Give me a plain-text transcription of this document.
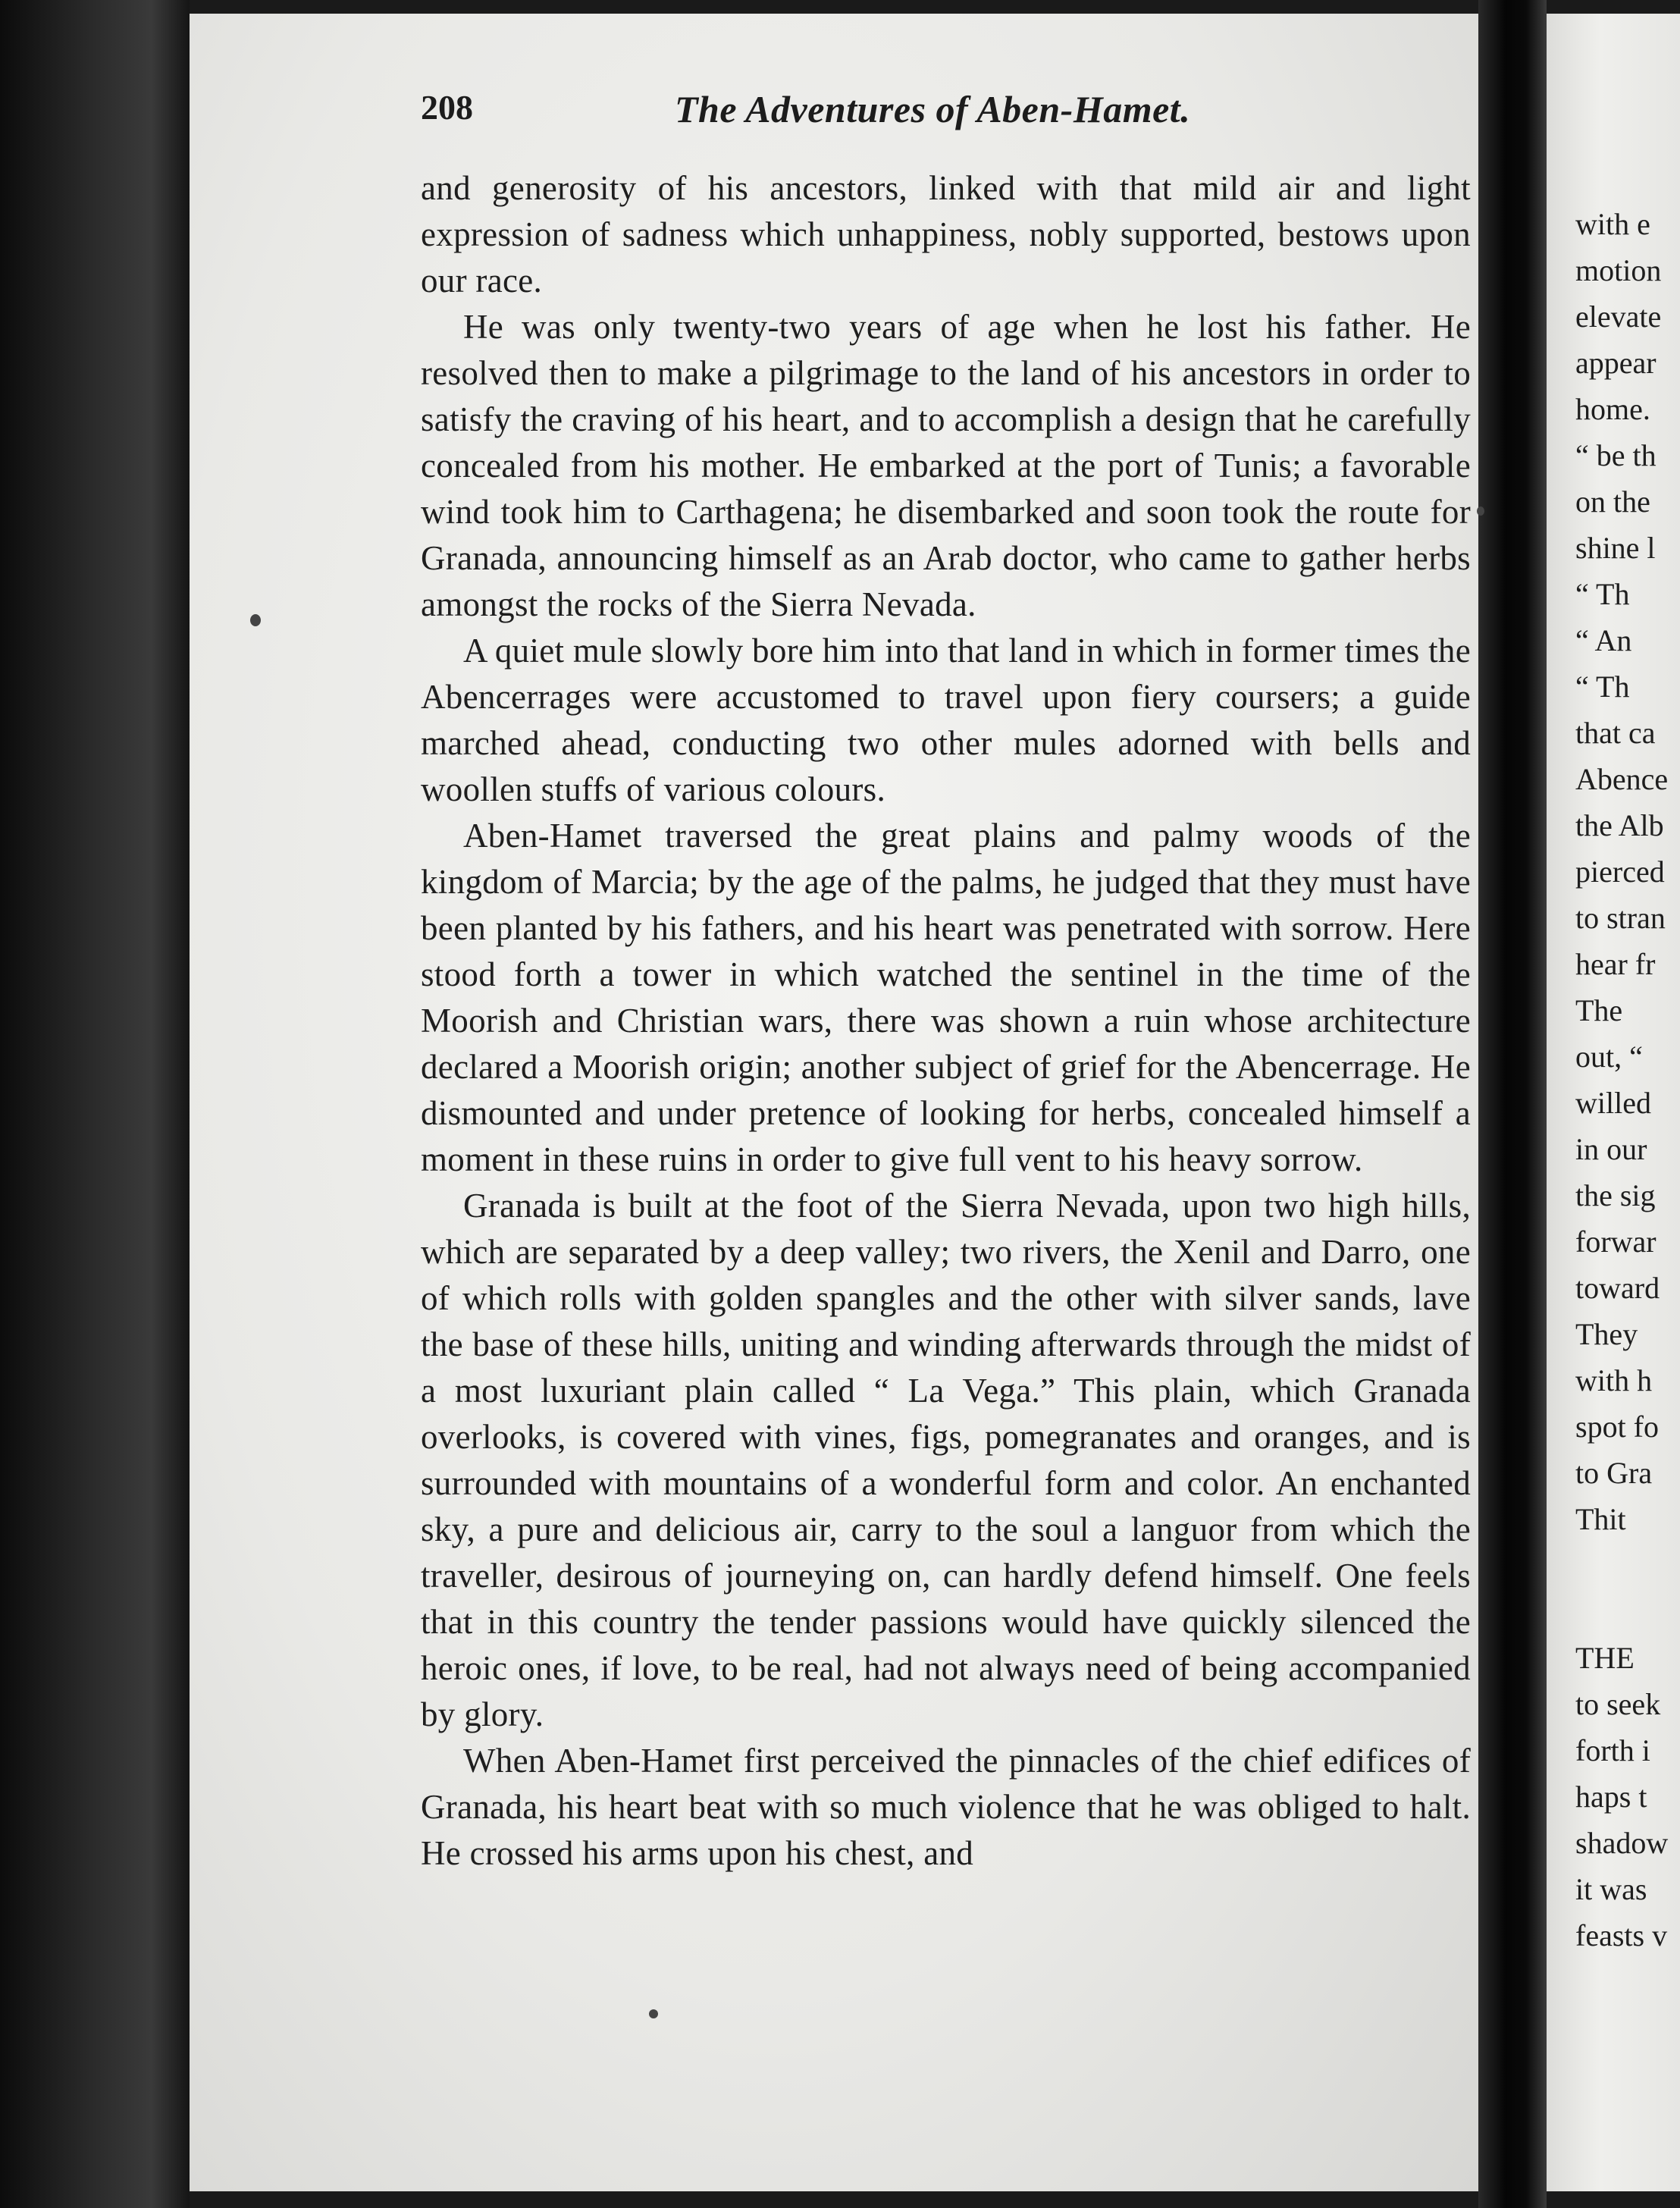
208	The Adventures of Aben-Hamet.

and generosity of his ancestors, linked with that mild air and light expression of sadness which unhappiness, nobly supported, bestows upon our race.

He was only twenty-two years of age when he lost his father. He resolved then to make a pilgrimage to the land of his ancestors in order to satisfy the craving of his heart, and to accomplish a design that he carefully concealed from his mother. He embarked at the port of Tunis; a favorable wind took him to Carthagena; he disembarked and soon took the route for Granada, announcing himself as an Arab doctor, who came to gather herbs amongst the rocks of the Sierra Nevada.

A quiet mule slowly bore him into that land in which in former times the Abencerrages were accustomed to travel upon fiery coursers; a guide marched ahead, conducting two other mules adorned with bells and woollen stuffs of various colours.

Aben-Hamet traversed the great plains and palmy woods of the kingdom of Marcia; by the age of the palms, he judged that they must have been planted by his fathers, and his heart was penetrated with sorrow. Here stood forth a tower in which watched the sentinel in the time of the Moorish and Christian wars, there was shown a ruin whose architecture declared a Moorish origin; another subject of grief for the Abencerrage. He dismounted and under pretence of looking for herbs, concealed himself a moment in these ruins in order to give full vent to his heavy sorrow.

Granada is built at the foot of the Sierra Nevada, upon two high hills, which are separated by a deep valley; two rivers, the Xenil and Darro, one of which rolls with golden spangles and the other with silver sands, lave the base of these hills, uniting and winding afterwards through the midst of a most luxuriant plain called “ La Vega.” This plain, which Granada overlooks, is covered with vines, figs, pomegranates and oranges, and is surrounded with mountains of a wonderful form and color. An enchanted sky, a pure and delicious air, carry to the soul a languor from which the traveller, desirous of journeying on, can hardly defend himself. One feels that in this country the tender passions would have quickly silenced the heroic ones, if love, to be real, had not always need of being accompanied by glory.

When Aben-Hamet first perceived the pinnacles of the chief edifices of Granada, his heart beat with so much violence that he was obliged to halt. He crossed his arms upon his chest, and

with e
motion
elevate
appear
home.
“ be th
on the
shine l
“ Th
“ An
“ Th
that ca
Abence
the Alb
pierced
to stran
hear fr
The
out, “
willed
in our
the sig
forwar
toward
They
with h
spot fo
to Gra
Thit
THE
to seek
forth i
haps t
shadow
it was
feasts v
